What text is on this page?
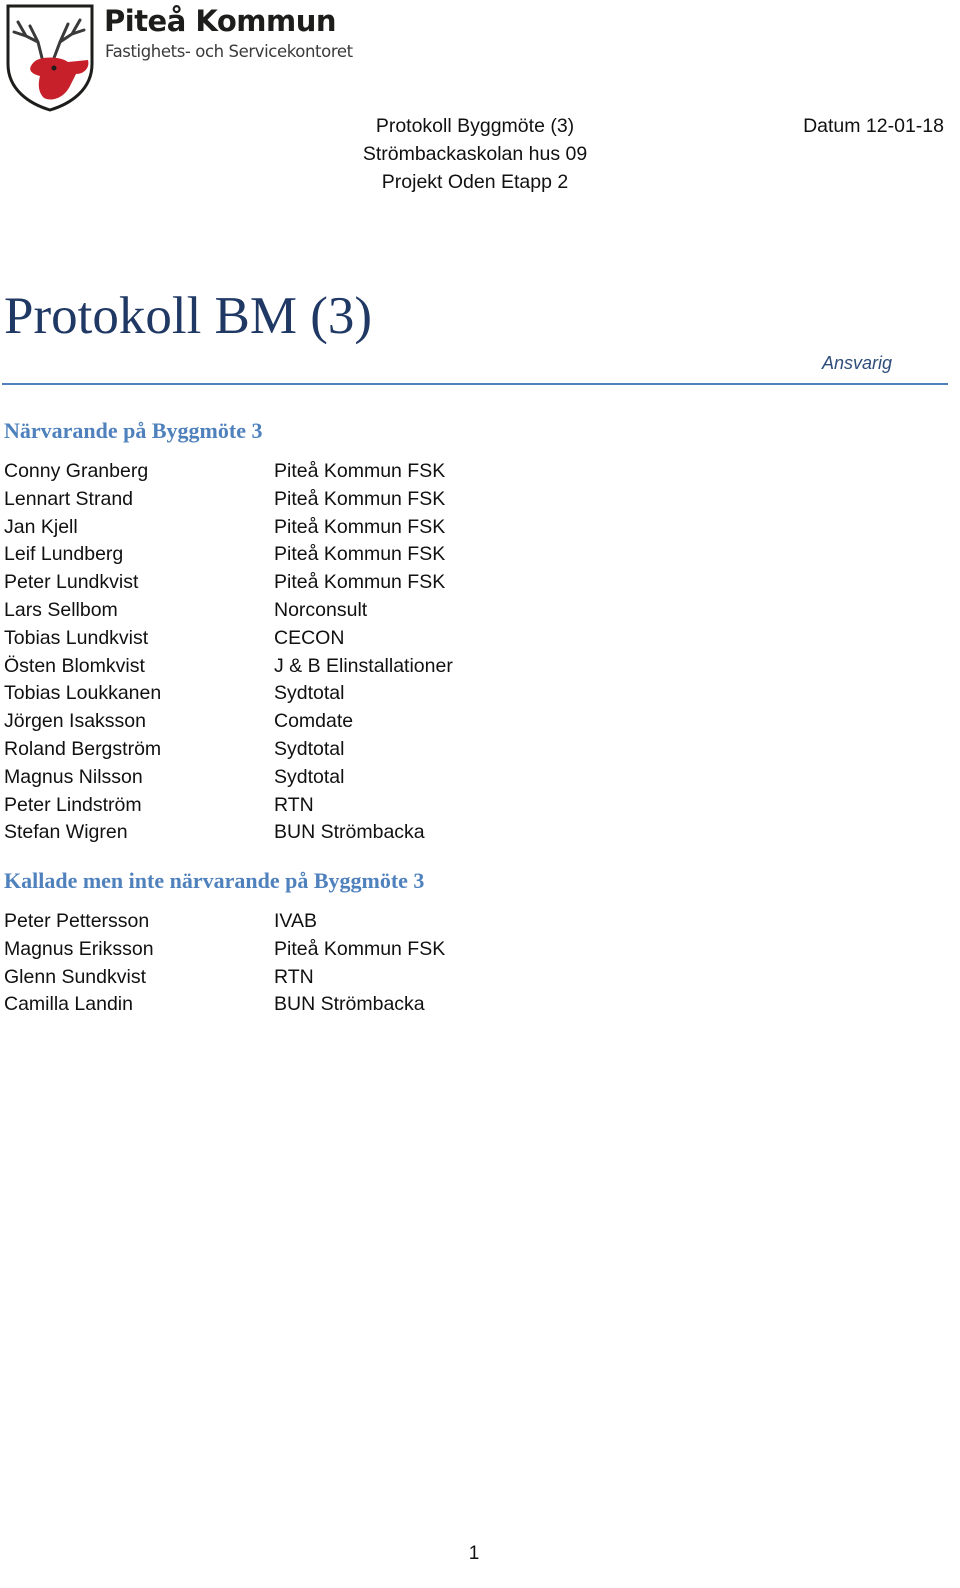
Piteå Kommun
Fastighets- och Servicekontoret
Protokoll Byggmöte (3)
Strömbackaskolan hus 09
Projekt Oden Etapp 2
Datum 12-01-18
Protokoll BM (3)
Ansvarig
Närvarande på Byggmöte 3
Conny Granberg	Piteå Kommun FSK
Lennart Strand	Piteå Kommun FSK
Jan Kjell	Piteå Kommun FSK
Leif Lundberg	Piteå Kommun FSK
Peter Lundkvist	Piteå Kommun FSK
Lars Sellbom	Norconsult
Tobias Lundkvist	CECON
Östen Blomkvist	J & B Elinstallationer
Tobias Loukkanen	Sydtotal
Jörgen Isaksson	Comdate
Roland Bergström	Sydtotal
Magnus Nilsson	Sydtotal
Peter Lindström	RTN
Stefan Wigren	BUN Strömbacka
Kallade men inte närvarande på Byggmöte 3
Peter Pettersson	IVAB
Magnus Eriksson	Piteå Kommun FSK
Glenn Sundkvist	RTN
Camilla Landin	BUN Strömbacka
1
